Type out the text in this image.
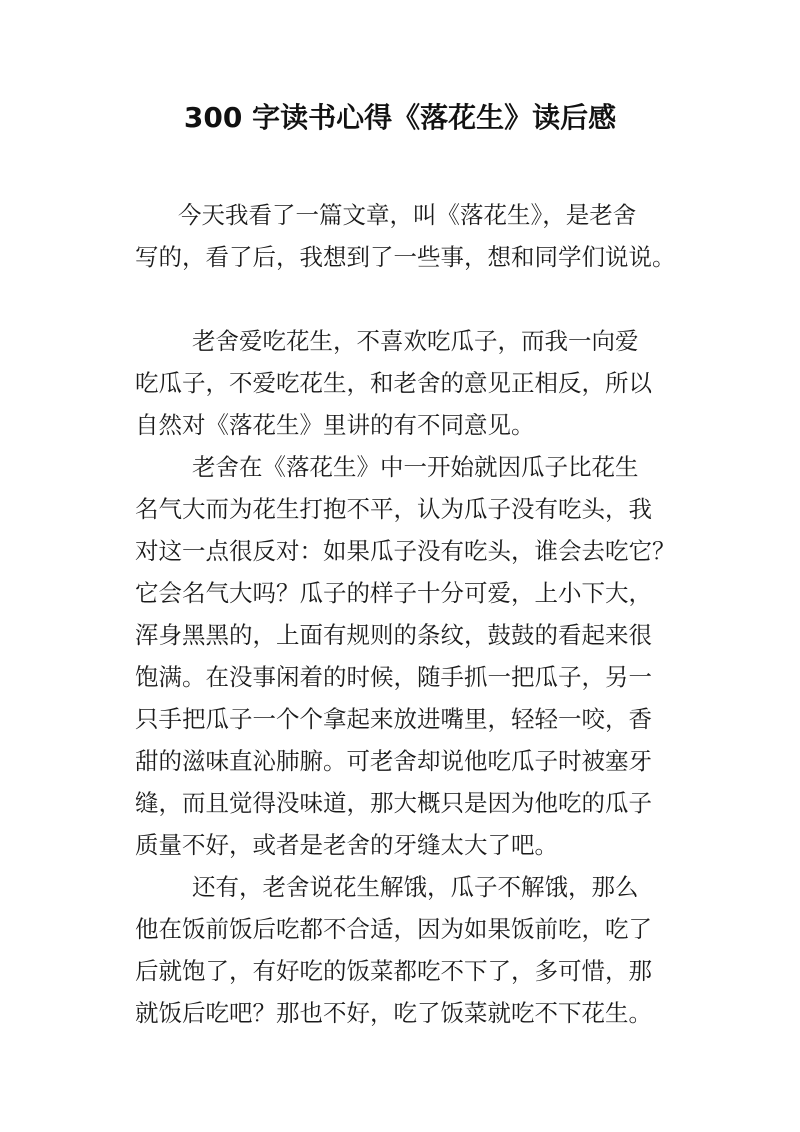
300 字读书心得《落花生》读后感
今天我看了一篇文章，叫《落花生》，是老舍
写的，看了后，我想到了一些事，想和同学们说说。
老舍爱吃花生，不喜欢吃瓜子，而我一向爱
吃瓜子，不爱吃花生，和老舍的意见正相反，所以
自然对《落花生》里讲的有不同意见。
老舍在《落花生》中一开始就因瓜子比花生
名气大而为花生打抱不平，认为瓜子没有吃头，我
对这一点很反对：如果瓜子没有吃头，谁会去吃它？
它会名气大吗？瓜子的样子十分可爱，上小下大，
浑身黑黑的，上面有规则的条纹，鼓鼓的看起来很
饱满。在没事闲着的时候，随手抓一把瓜子，另一
只手把瓜子一个个拿起来放进嘴里，轻轻一咬，香
甜的滋味直沁肺腑。可老舍却说他吃瓜子时被塞牙
缝，而且觉得没味道，那大概只是因为他吃的瓜子
质量不好，或者是老舍的牙缝太大了吧。
还有，老舍说花生解饿，瓜子不解饿，那么
他在饭前饭后吃都不合适，因为如果饭前吃，吃了
后就饱了，有好吃的饭菜都吃不下了，多可惜，那
就饭后吃吧？那也不好，吃了饭菜就吃不下花生。
